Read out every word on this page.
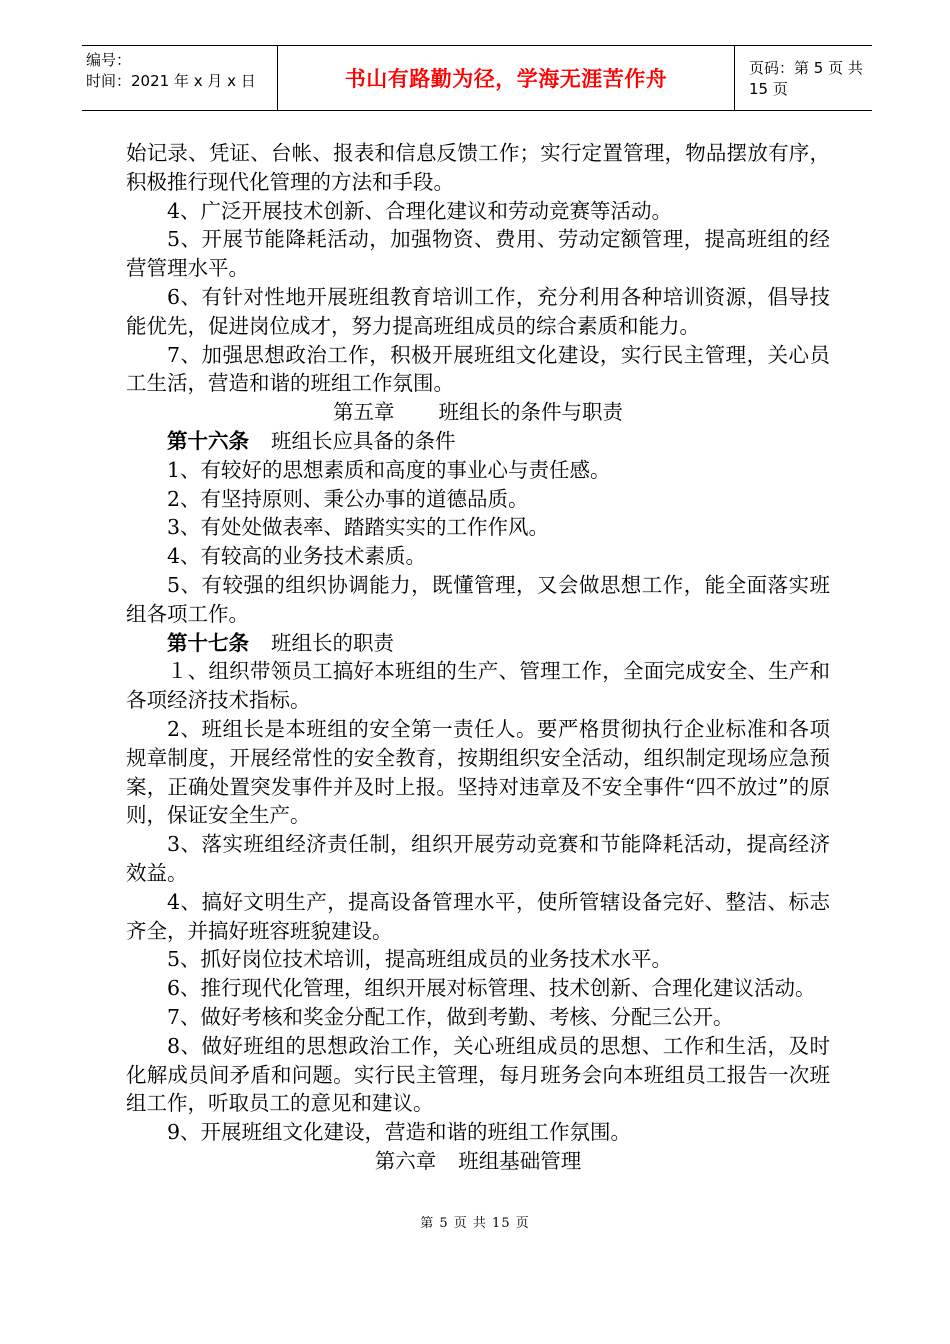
编号：
时间：2021 年 x 月 x 日	书山有路勤为径，学海无涯苦作舟	页码：第 5 页 共 15 页

始记录、凭证、台帐、报表和信息反馈工作；实行定置管理，物品摆放有序，积极推行现代化管理的方法和手段。

4、广泛开展技术创新、合理化建议和劳动竞赛等活动。

5、开展节能降耗活动，加强物资、费用、劳动定额管理，提高班组的经营管理水平。

6、有针对性地开展班组教育培训工作，充分利用各种培训资源，倡导技能优先，促进岗位成才，努力提高班组成员的综合素质和能力。

7、加强思想政治工作，积极开展班组文化建设，实行民主管理，关心员工生活，营造和谐的班组工作氛围。

第五章 班组长的条件与职责

第十六条 班组长应具备的条件

1、有较好的思想素质和高度的事业心与责任感。

2、有坚持原则、秉公办事的道德品质。

3、有处处做表率、踏踏实实的工作作风。

4、有较高的业务技术素质。

5、有较强的组织协调能力，既懂管理，又会做思想工作，能全面落实班组各项工作。

第十七条 班组长的职责

１、组织带领员工搞好本班组的生产、管理工作，全面完成安全、生产和各项经济技术指标。

2、班组长是本班组的安全第一责任人。要严格贯彻执行企业标准和各项规章制度，开展经常性的安全教育，按期组织安全活动，组织制定现场应急预案，正确处置突发事件并及时上报。坚持对违章及不安全事件“四不放过”的原则，保证安全生产。

3、落实班组经济责任制，组织开展劳动竞赛和节能降耗活动，提高经济效益。

4、搞好文明生产，提高设备管理水平，使所管辖设备完好、整洁、标志齐全，并搞好班容班貌建设。

5、抓好岗位技术培训，提高班组成员的业务技术水平。

6、推行现代化管理，组织开展对标管理、技术创新、合理化建议活动。

7、做好考核和奖金分配工作，做到考勤、考核、分配三公开。

8、做好班组的思想政治工作，关心班组成员的思想、工作和生活，及时化解成员间矛盾和问题。实行民主管理，每月班务会向本班组员工报告一次班组工作，听取员工的意见和建议。

9、开展班组文化建设，营造和谐的班组工作氛围。

第六章 班组基础管理

第 5 页 共 15 页
